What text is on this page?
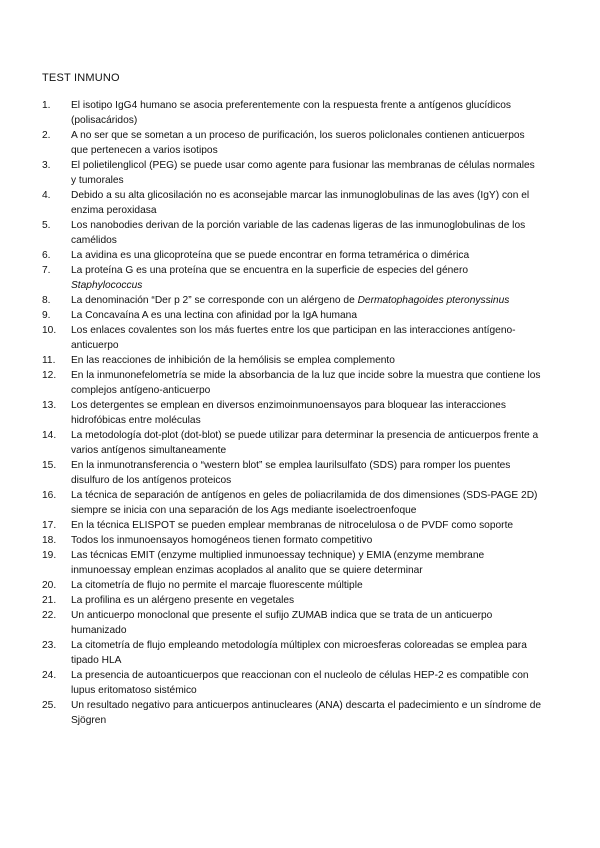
TEST INMUNO
1.	El isotipo IgG4 humano se asocia preferentemente con la respuesta frente a antígenos glucídicos (polisacáridos)
2.	A no ser que se sometan a un proceso de purificación, los sueros policlonales contienen anticuerpos que pertenecen a varios isotipos
3.	El polietilenglicol (PEG) se puede usar como agente para fusionar las membranas de células normales y tumorales
4.	Debido a su alta glicosilación no es aconsejable marcar las inmunoglobulinas de las aves (IgY) con el enzima peroxidasa
5.	Los nanobodies derivan de la porción variable de las cadenas ligeras de las inmunoglobulinas de los camélidos
6.	La avidina es una glicoproteína que se puede encontrar en forma tetramérica o dimérica
7.	La proteína G es una proteína que se encuentra en la superficie de especies del género Staphylococcus
8.	La denominación “Der p 2” se corresponde con un alérgeno de Dermatophagoides pteronyssinus
9.	La Concavaína A es una lectina con afinidad por la IgA humana
10.	Los enlaces covalentes son los más fuertes entre los que participan en las interacciones antígeno-anticuerpo
11.	En las reacciones de inhibición de la hemólisis se emplea complemento
12.	En la inmunonefelometría se mide la absorbancia de la luz que incide sobre la muestra que contiene los complejos antígeno-anticuerpo
13.	Los detergentes se emplean en diversos enzimoinmunoensayos para bloquear las interacciones hidrofóbicas entre moléculas
14.	La metodología dot-plot (dot-blot) se puede utilizar para determinar la presencia de anticuerpos frente a varios antígenos simultaneamente
15.	En la inmunotransferencia o “western blot” se emplea laurilsulfato (SDS) para romper los puentes disulfuro de los antígenos proteicos
16.	La técnica de separación de antígenos en geles de poliacrilamida de dos dimensiones (SDS-PAGE 2D) siempre se inicia con una separación de los Ags mediante isoelectroenfoque
17.	En la técnica ELISPOT se pueden emplear membranas de nitrocelulosa o de PVDF como soporte
18.	Todos los inmunoensayos homogéneos tienen formato competitivo
19.	Las técnicas EMIT (enzyme multiplied inmunoessay technique) y EMIA (enzyme membrane inmunoessay emplean enzimas acoplados al analito que se quiere determinar
20.	La citometría de flujo no permite el marcaje fluorescente múltiple
21.	La profilina es un alérgeno presente en vegetales
22.	Un anticuerpo monoclonal que presente el sufijo ZUMAB indica que se trata de un anticuerpo humanizado
23.	La citometría de flujo empleando metodología múltiplex con microesferas coloreadas se emplea para tipado HLA
24.	La presencia de autoanticuerpos que reaccionan con el nucleolo de células HEP-2 es compatible con lupus eritomatoso sistémico
25.	Un resultado negativo para anticuerpos antinucleares (ANA) descarta el padecimiento e un síndrome de Sjögren
